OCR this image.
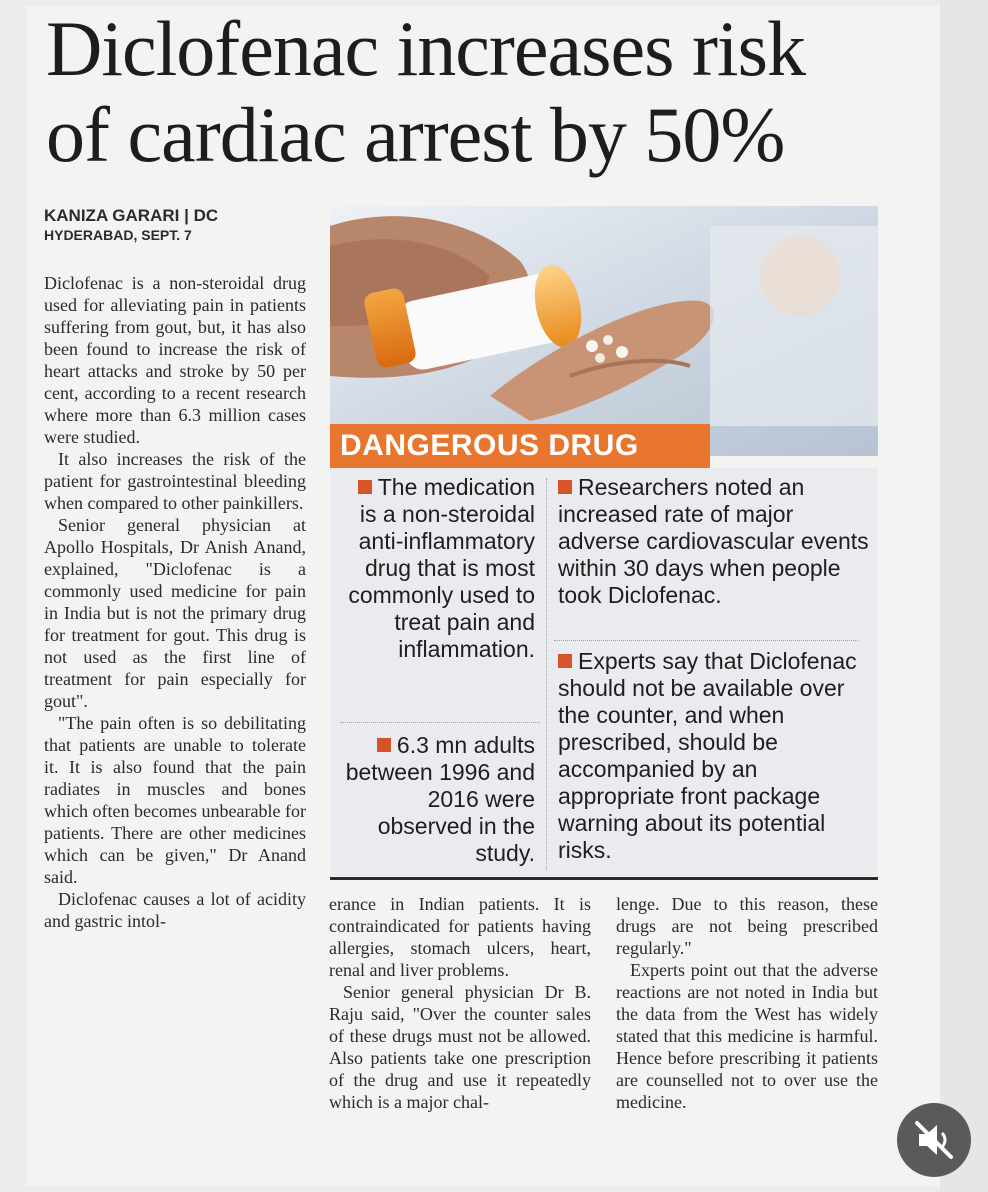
Diclofenac increases risk
of cardiac arrest by 50%
KANIZA GARARI | DC
HYDERABAD, SEPT. 7

Diclofenac is a non-steroidal drug used for alleviating pain in patients suffering from gout, but, it has also been found to increase the risk of heart attacks and stroke by 50 per cent, according to a recent research where more than 6.3 million cases were studied.

It also increases the risk of the patient for gastrointestinal bleeding when compared to other painkillers.

Senior general physician at Apollo Hospitals, Dr Anish Anand, explained, "Diclofenac is a commonly used medicine for pain in India but is not the primary drug for treatment for gout. This drug is not used as the first line of treatment for pain especially for gout".

"The pain often is so debilitating that patients are unable to tolerate it. It is also found that the pain radiates in muscles and bones which often becomes unbearable for patients. There are other medicines which can be given," Dr Anand said.

Diclofenac causes a lot of acidity and gastric intol-

DANGEROUS DRUG
The medication is a non-steroidal anti-inflammatory drug that is most commonly used to treat pain and inflammation.
6.3 mn adults between 1996 and 2016 were observed in the study.
Researchers noted an increased rate of major adverse cardiovascular events within 30 days when people took Diclofenac.
Experts say that Diclofenac should not be available over the counter, and when prescribed, should be accompanied by an appropriate front package warning about its potential risks.

erance in Indian patients. It is contraindicated for patients having allergies, stomach ulcers, heart, renal and liver problems.

Senior general physician Dr B. Raju said, "Over the counter sales of these drugs must not be allowed. Also patients take one prescription of the drug and use it repeatedly which is a major chal-

lenge. Due to this reason, these drugs are not being prescribed regularly."

Experts point out that the adverse reactions are not noted in India but the data from the West has widely stated that this medicine is harmful. Hence before prescribing it patients are counselled not to over use the medicine.
